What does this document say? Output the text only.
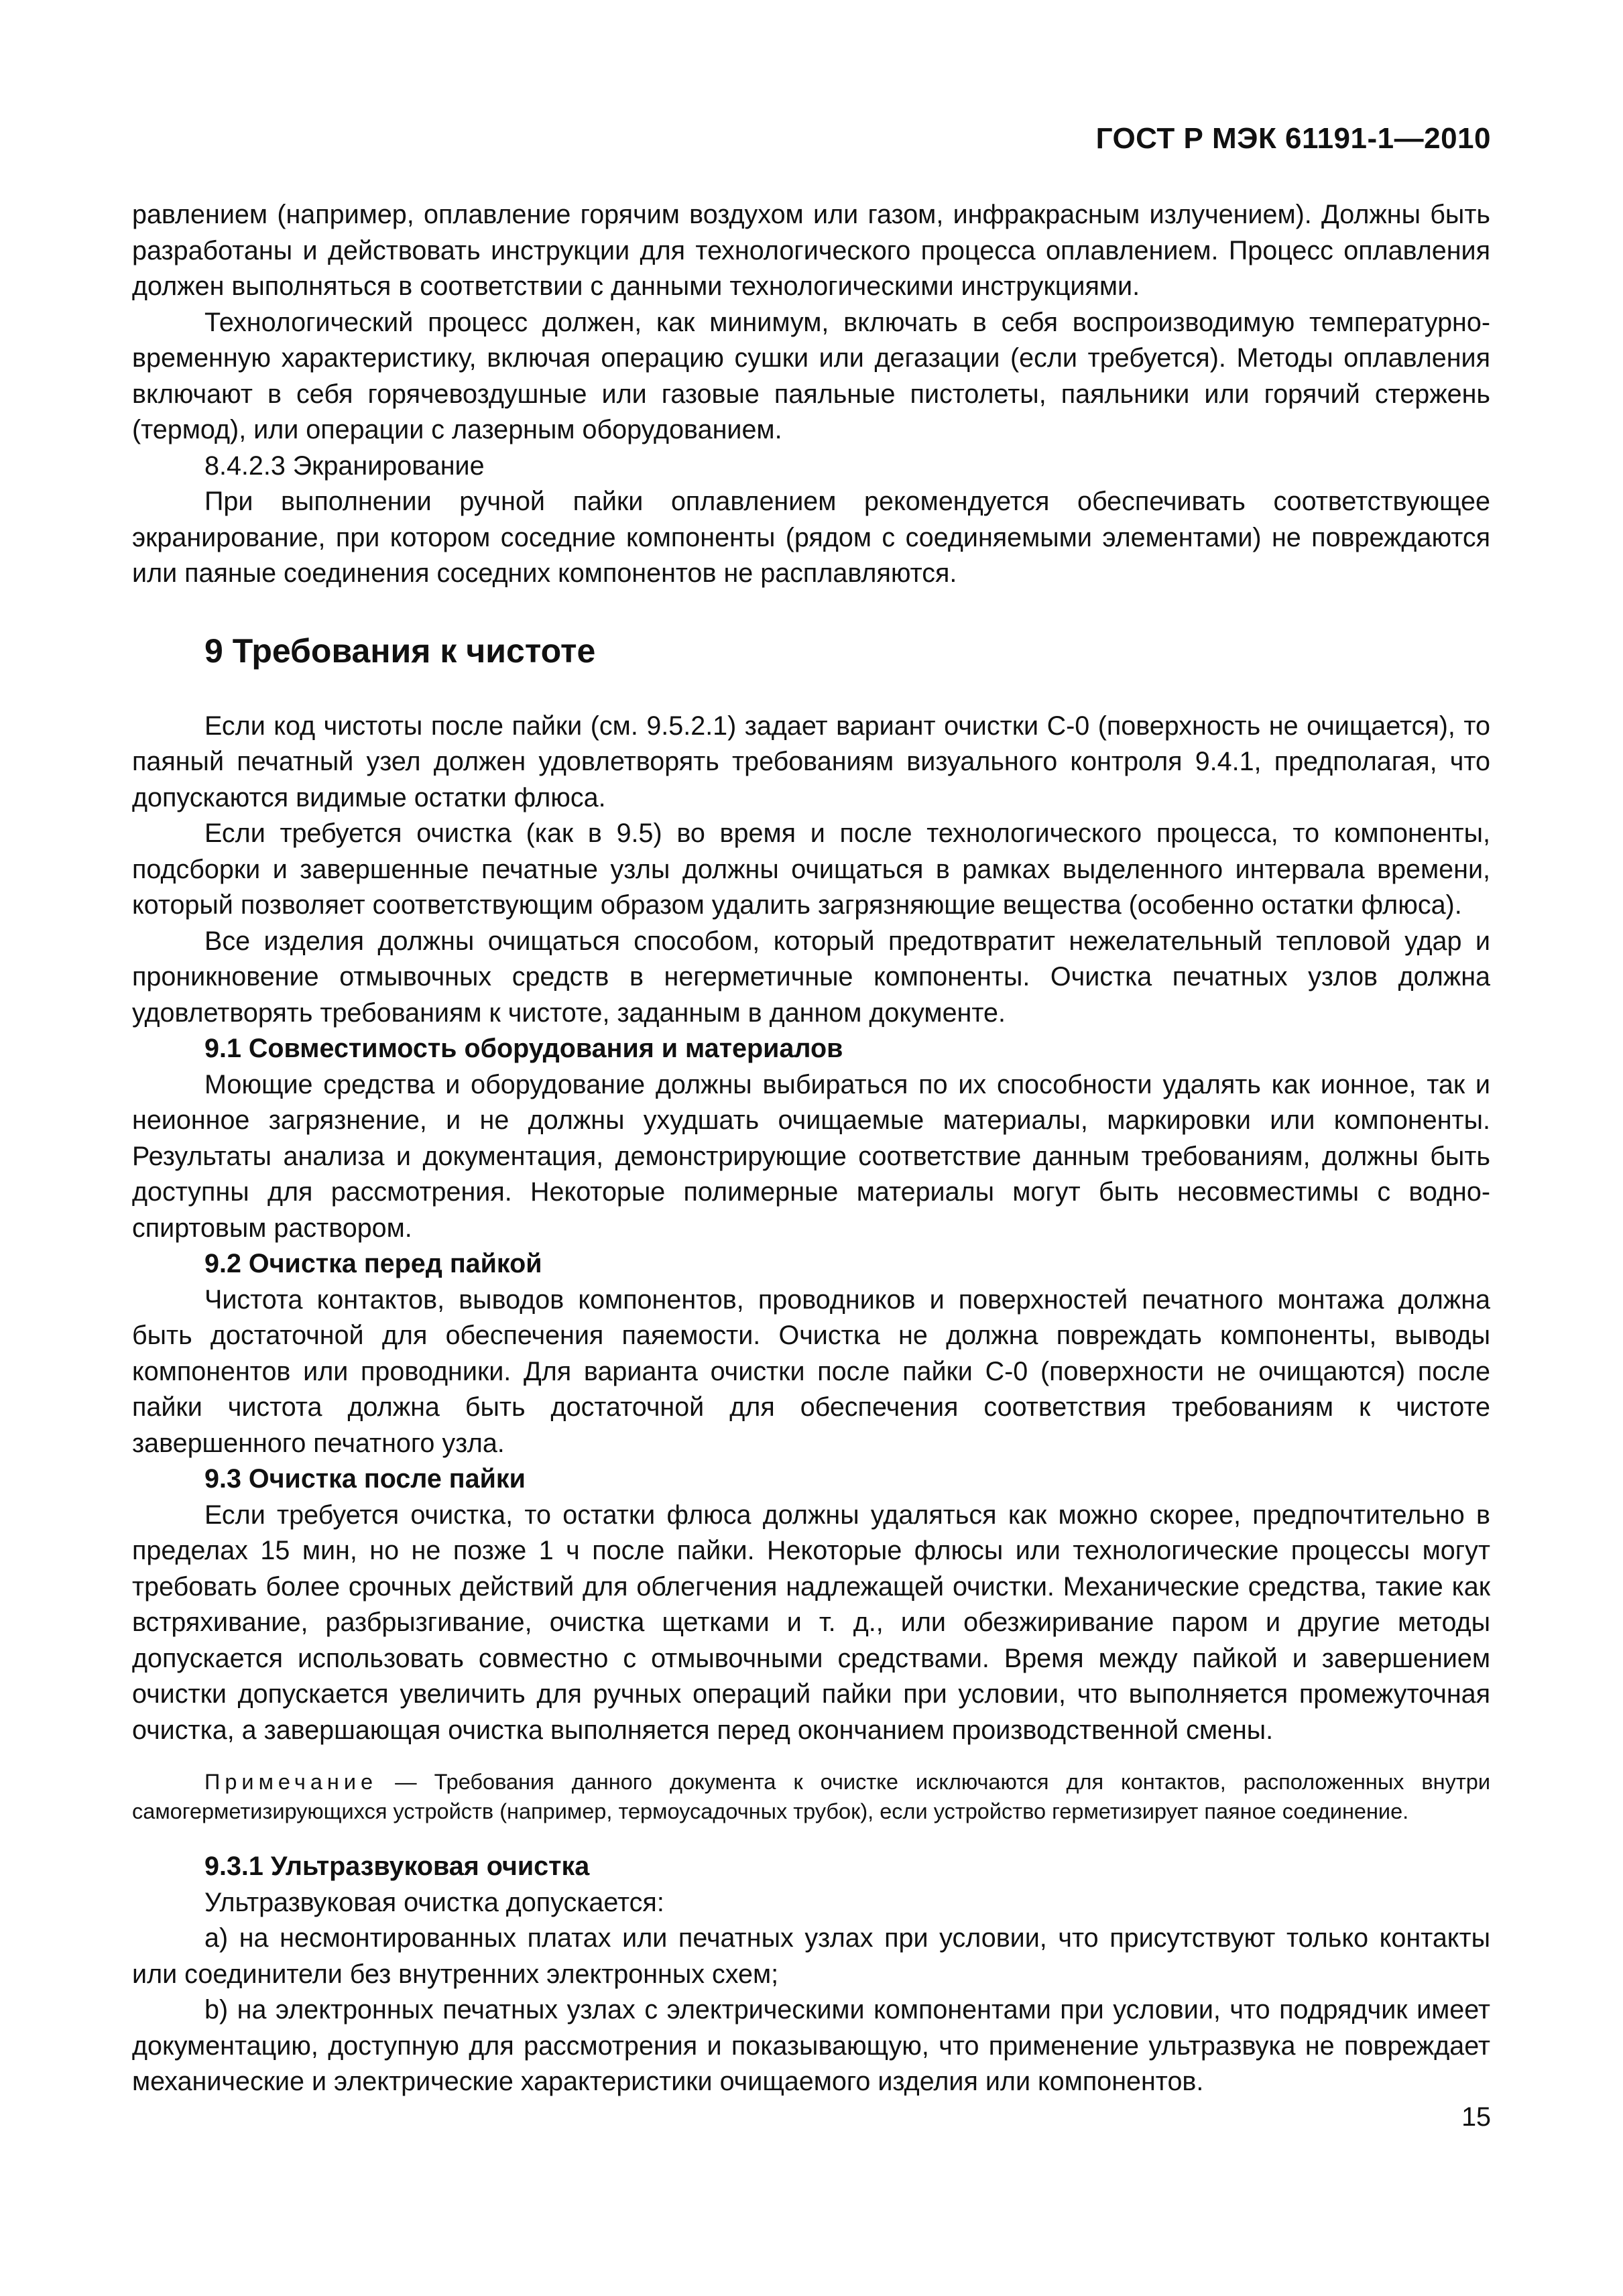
ГОСТ Р МЭК 61191-1—2010

равлением (например, оплавление горячим воздухом или газом, инфракрасным излучением). Должны быть разработаны и действовать инструкции для технологического процесса оплавлением. Процесс оплавления должен выполняться в соответствии с данными технологическими инструкциями.

Технологический процесс должен, как минимум, включать в себя воспроизводимую температурно-временную характеристику, включая операцию сушки или дегазации (если требуется). Методы оплавления включают в себя горячевоздушные или газовые паяльные пистолеты, паяльники или горячий стержень (термод), или операции с лазерным оборудованием.

8.4.2.3 Экранирование

При выполнении ручной пайки оплавлением рекомендуется обеспечивать соответствующее экранирование, при котором соседние компоненты (рядом с соединяемыми элементами) не повреждаются или паяные соединения соседних компонентов не расплавляются.

9 Требования к чистоте

Если код чистоты после пайки (см. 9.5.2.1) задает вариант очистки С-0 (поверхность не очищается), то паяный печатный узел должен удовлетворять требованиям визуального контроля 9.4.1, предполагая, что допускаются видимые остатки флюса.

Если требуется очистка (как в 9.5) во время и после технологического процесса, то компоненты, подсборки и завершенные печатные узлы должны очищаться в рамках выделенного интервала времени, который позволяет соответствующим образом удалить загрязняющие вещества (особенно остатки флюса).

Все изделия должны очищаться способом, который предотвратит нежелательный тепловой удар и проникновение отмывочных средств в негерметичные компоненты. Очистка печатных узлов должна удовлетворять требованиям к чистоте, заданным в данном документе.

9.1 Совместимость оборудования и материалов

Моющие средства и оборудование должны выбираться по их способности удалять как ионное, так и неионное загрязнение, и не должны ухудшать очищаемые материалы, маркировки или компоненты. Результаты анализа и документация, демонстрирующие соответствие данным требованиям, должны быть доступны для рассмотрения. Некоторые полимерные материалы могут быть несовместимы с водно-спиртовым раствором.

9.2 Очистка перед пайкой

Чистота контактов, выводов компонентов, проводников и поверхностей печатного монтажа должна быть достаточной для обеспечения паяемости. Очистка не должна повреждать компоненты, выводы компонентов или проводники. Для варианта очистки после пайки С-0 (поверхности не очищаются) после пайки чистота должна быть достаточной для обеспечения соответствия требованиям к чистоте завершенного печатного узла.

9.3 Очистка после пайки

Если требуется очистка, то остатки флюса должны удаляться как можно скорее, предпочтительно в пределах 15 мин, но не позже 1 ч после пайки. Некоторые флюсы или технологические процессы могут требовать более срочных действий для облегчения надлежащей очистки. Механические средства, такие как встряхивание, разбрызгивание, очистка щетками и т. д., или обезжиривание паром и другие методы допускается использовать совместно с отмывочными средствами. Время между пайкой и завершением очистки допускается увеличить для ручных операций пайки при условии, что выполняется промежуточная очистка, а завершающая очистка выполняется перед окончанием производственной смены.

Примечание — Требования данного документа к очистке исключаются для контактов, расположенных внутри самогерметизирующихся устройств (например, термоусадочных трубок), если устройство герметизирует паяное соединение.

9.3.1 Ультразвуковая очистка

Ультразвуковая очистка допускается:

а) на несмонтированных платах или печатных узлах при условии, что присутствуют только контакты или соединители без внутренних электронных схем;

b) на электронных печатных узлах с электрическими компонентами при условии, что подрядчик имеет документацию, доступную для рассмотрения и показывающую, что применение ультразвука не повреждает механические и электрические характеристики очищаемого изделия или компонентов.

15
